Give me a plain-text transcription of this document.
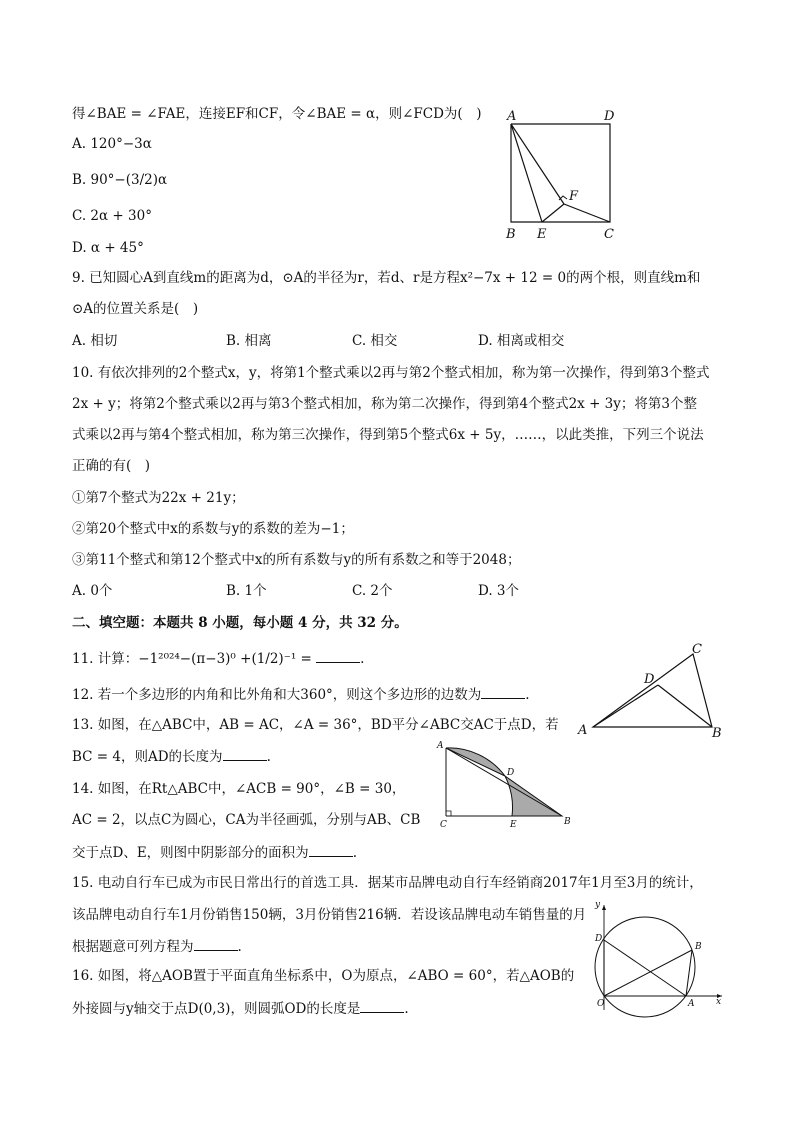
得∠BAE = ∠FAE，连接EF和CF，令∠BAE = α，则∠FCD为(　)
A. 120°−3α
B. 90°−(3/2)α
C. 2α + 30°
D. α + 45°
A	D
F
B E	C
9. 已知圆心A到直线m的距离为d，⊙A的半径为r，若d、r是方程x²−7x + 12 = 0的两个根，则直线m和
⊙A的位置关系是(　)
A. 相切	B. 相离	C. 相交	D. 相离或相交
10. 有依次排列的2个整式x，y，将第1个整式乘以2再与第2个整式相加，称为第一次操作，得到第3个整式
2x + y；将第2个整式乘以2再与第3个整式相加，称为第二次操作，得到第4个整式2x + 3y；将第3个整
式乘以2再与第4个整式相加，称为第三次操作，得到第5个整式6x + 5y，……，以此类推，下列三个说法
正确的有(　)
①第7个整式为22x + 21y；
②第20个整式中x的系数与y的系数的差为−1；
③第11个整式和第12个整式中x的所有系数与y的所有系数之和等于2048；
A. 0个	B. 1个	C. 2个	D. 3个
二、填空题：本题共 8 小题，每小题 4 分，共 32 分。
11. 计算：−1²⁰²⁴−(π−3)⁰ +(1/2)⁻¹ =	.
12. 若一个多边形的内角和比外角和大360°，则这个多边形的边数为	.
13. 如图，在△ABC中，AB = AC，∠A = 36°，BD平分∠ABC交AC于点D，若
BC = 4，则AD的长度为	.
C
D
A	B
14. 如图，在Rt△ABC中，∠ACB = 90°，∠B = 30，
AC = 2，以点C为圆心，CA为半径画弧，分别与AB、CB
交于点D、E，则图中阴影部分的面积为	.
A
D
C	E	B
15. 电动自行车已成为市民日常出行的首选工具．据某市品牌电动自行车经销商2017年1月至3月的统计，
该品牌电动自行车1月份销售150辆，3月份销售216辆．若设该品牌电动车销售量的月
根据题意可列方程为	.
16. 如图，将△AOB置于平面直角坐标系中，O为原点，∠ABO = 60°，若△AOB的
外接圆与y轴交于点D(0,3)，则圆弧OD的长度是	.
y
D
B
O	A x
